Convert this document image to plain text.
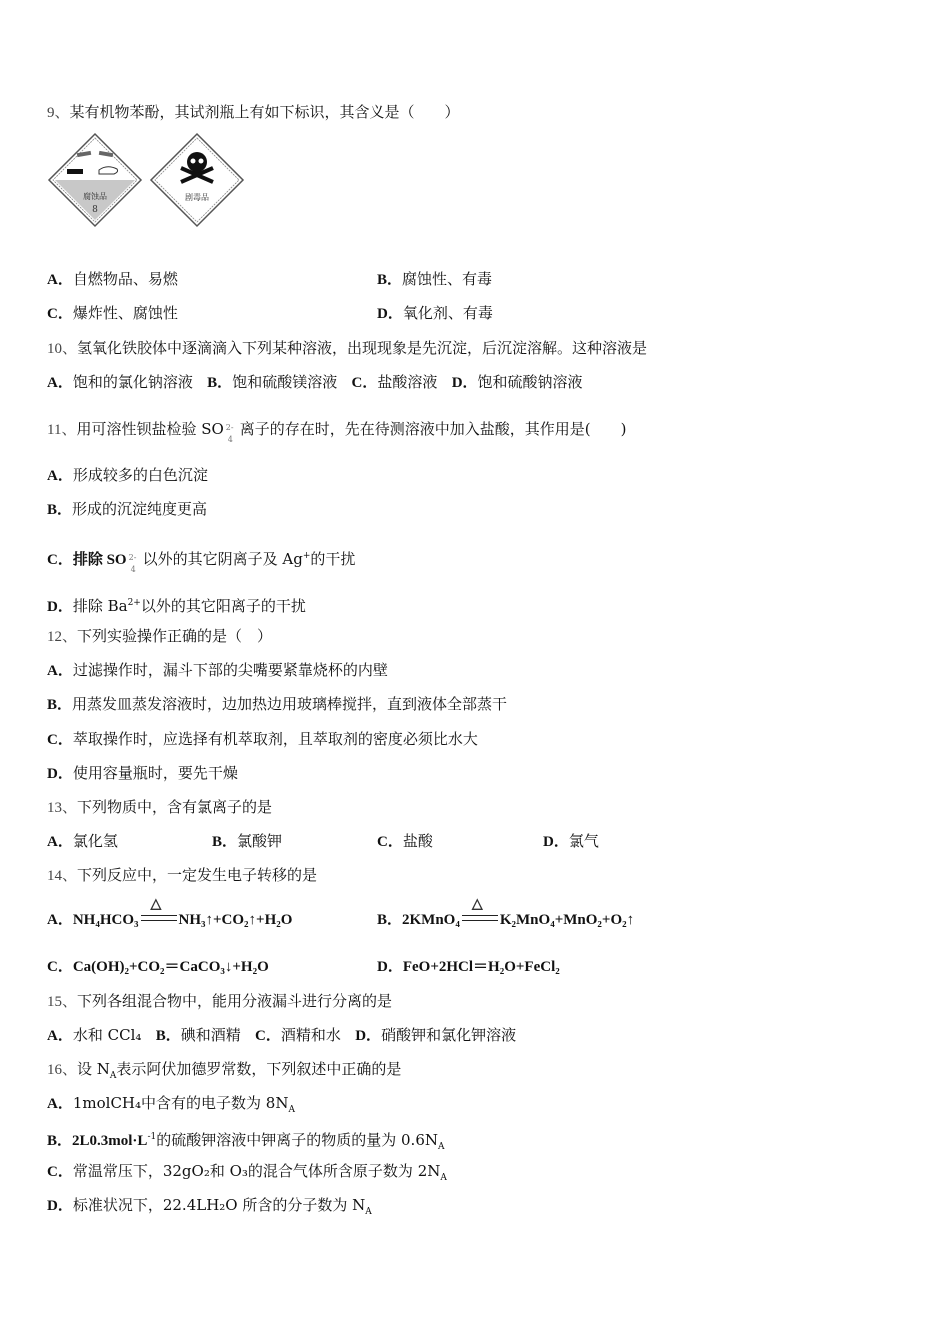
9、某有机物苯酚，其试剂瓶上有如下标识，其含义是（　　）
腐蚀品
8
剧毒品
A．自燃物品、易燃	B．腐蚀性、有毒
C．爆炸性、腐蚀性	D．氧化剂、有毒
10、氢氧化铁胶体中逐滴滴入下列某种溶液，出现现象是先沉淀，后沉淀溶解。这种溶液是
A．饱和的氯化钠溶液 B．饱和硫酸镁溶液 C．盐酸溶液 D．饱和硫酸钠溶液
11、用可溶性钡盐检验 SO 2-
4
离子的存在时，先在待测溶液中加入盐酸，其作用是(　　)
A．形成较多的白色沉淀
B．形成的沉淀纯度更高
C．排除 SO 2-
4
以外的其它阴离子及 Ag+的干扰
D．排除 $Ba^{2+}$以外的其它阳离子的干扰
12、下列实验操作正确的是（　）
A．过滤操作时，漏斗下部的尖嘴要紧靠烧杯的内壁
B．用蒸发皿蒸发溶液时，边加热边用玻璃棒搅拌，直到液体全部蒸干
C．萃取操作时，应选择有机萃取剂，且萃取剂的密度必须比水大
D．使用容量瓶时，要先干燥
13、下列物质中，含有氯离子的是
A．氯化氢	B．氯酸钾	C．盐酸	D．氯气
14、下列反应中，一定发生电子转移的是
A．NH₄HCO₃
△
NH₃↑+CO₂↑+H₂O	B．2KMnO₄
△
K₂MnO₄+MnO₂+O₂↑
C．Ca(OH)₂+CO₂＝CaCO₃↓+H₂O	D．FeO+2HCl＝H₂O+FeCl₂
15、下列各组混合物中，能用分液漏斗进行分离的是
A．水和 CCl₄ B．碘和酒精 C．酒精和水 D．硝酸钾和氯化钾溶液
16、设 $N_A$表示阿伏加德罗常数，下列叙述中正确的是
A．1molCH₄中含有的电子数为 $8N_A$
B．$2L0.3mol\cdot L^{-1}$的硫酸钾溶液中钾离子的物质的量为 $0.6N_A$
C．常温常压下，32gO₂和 O₃的混合气体所含原子数为 $2N_A$
D．标准状况下，22.4LH₂O 所含的分子数为 $N_A$
